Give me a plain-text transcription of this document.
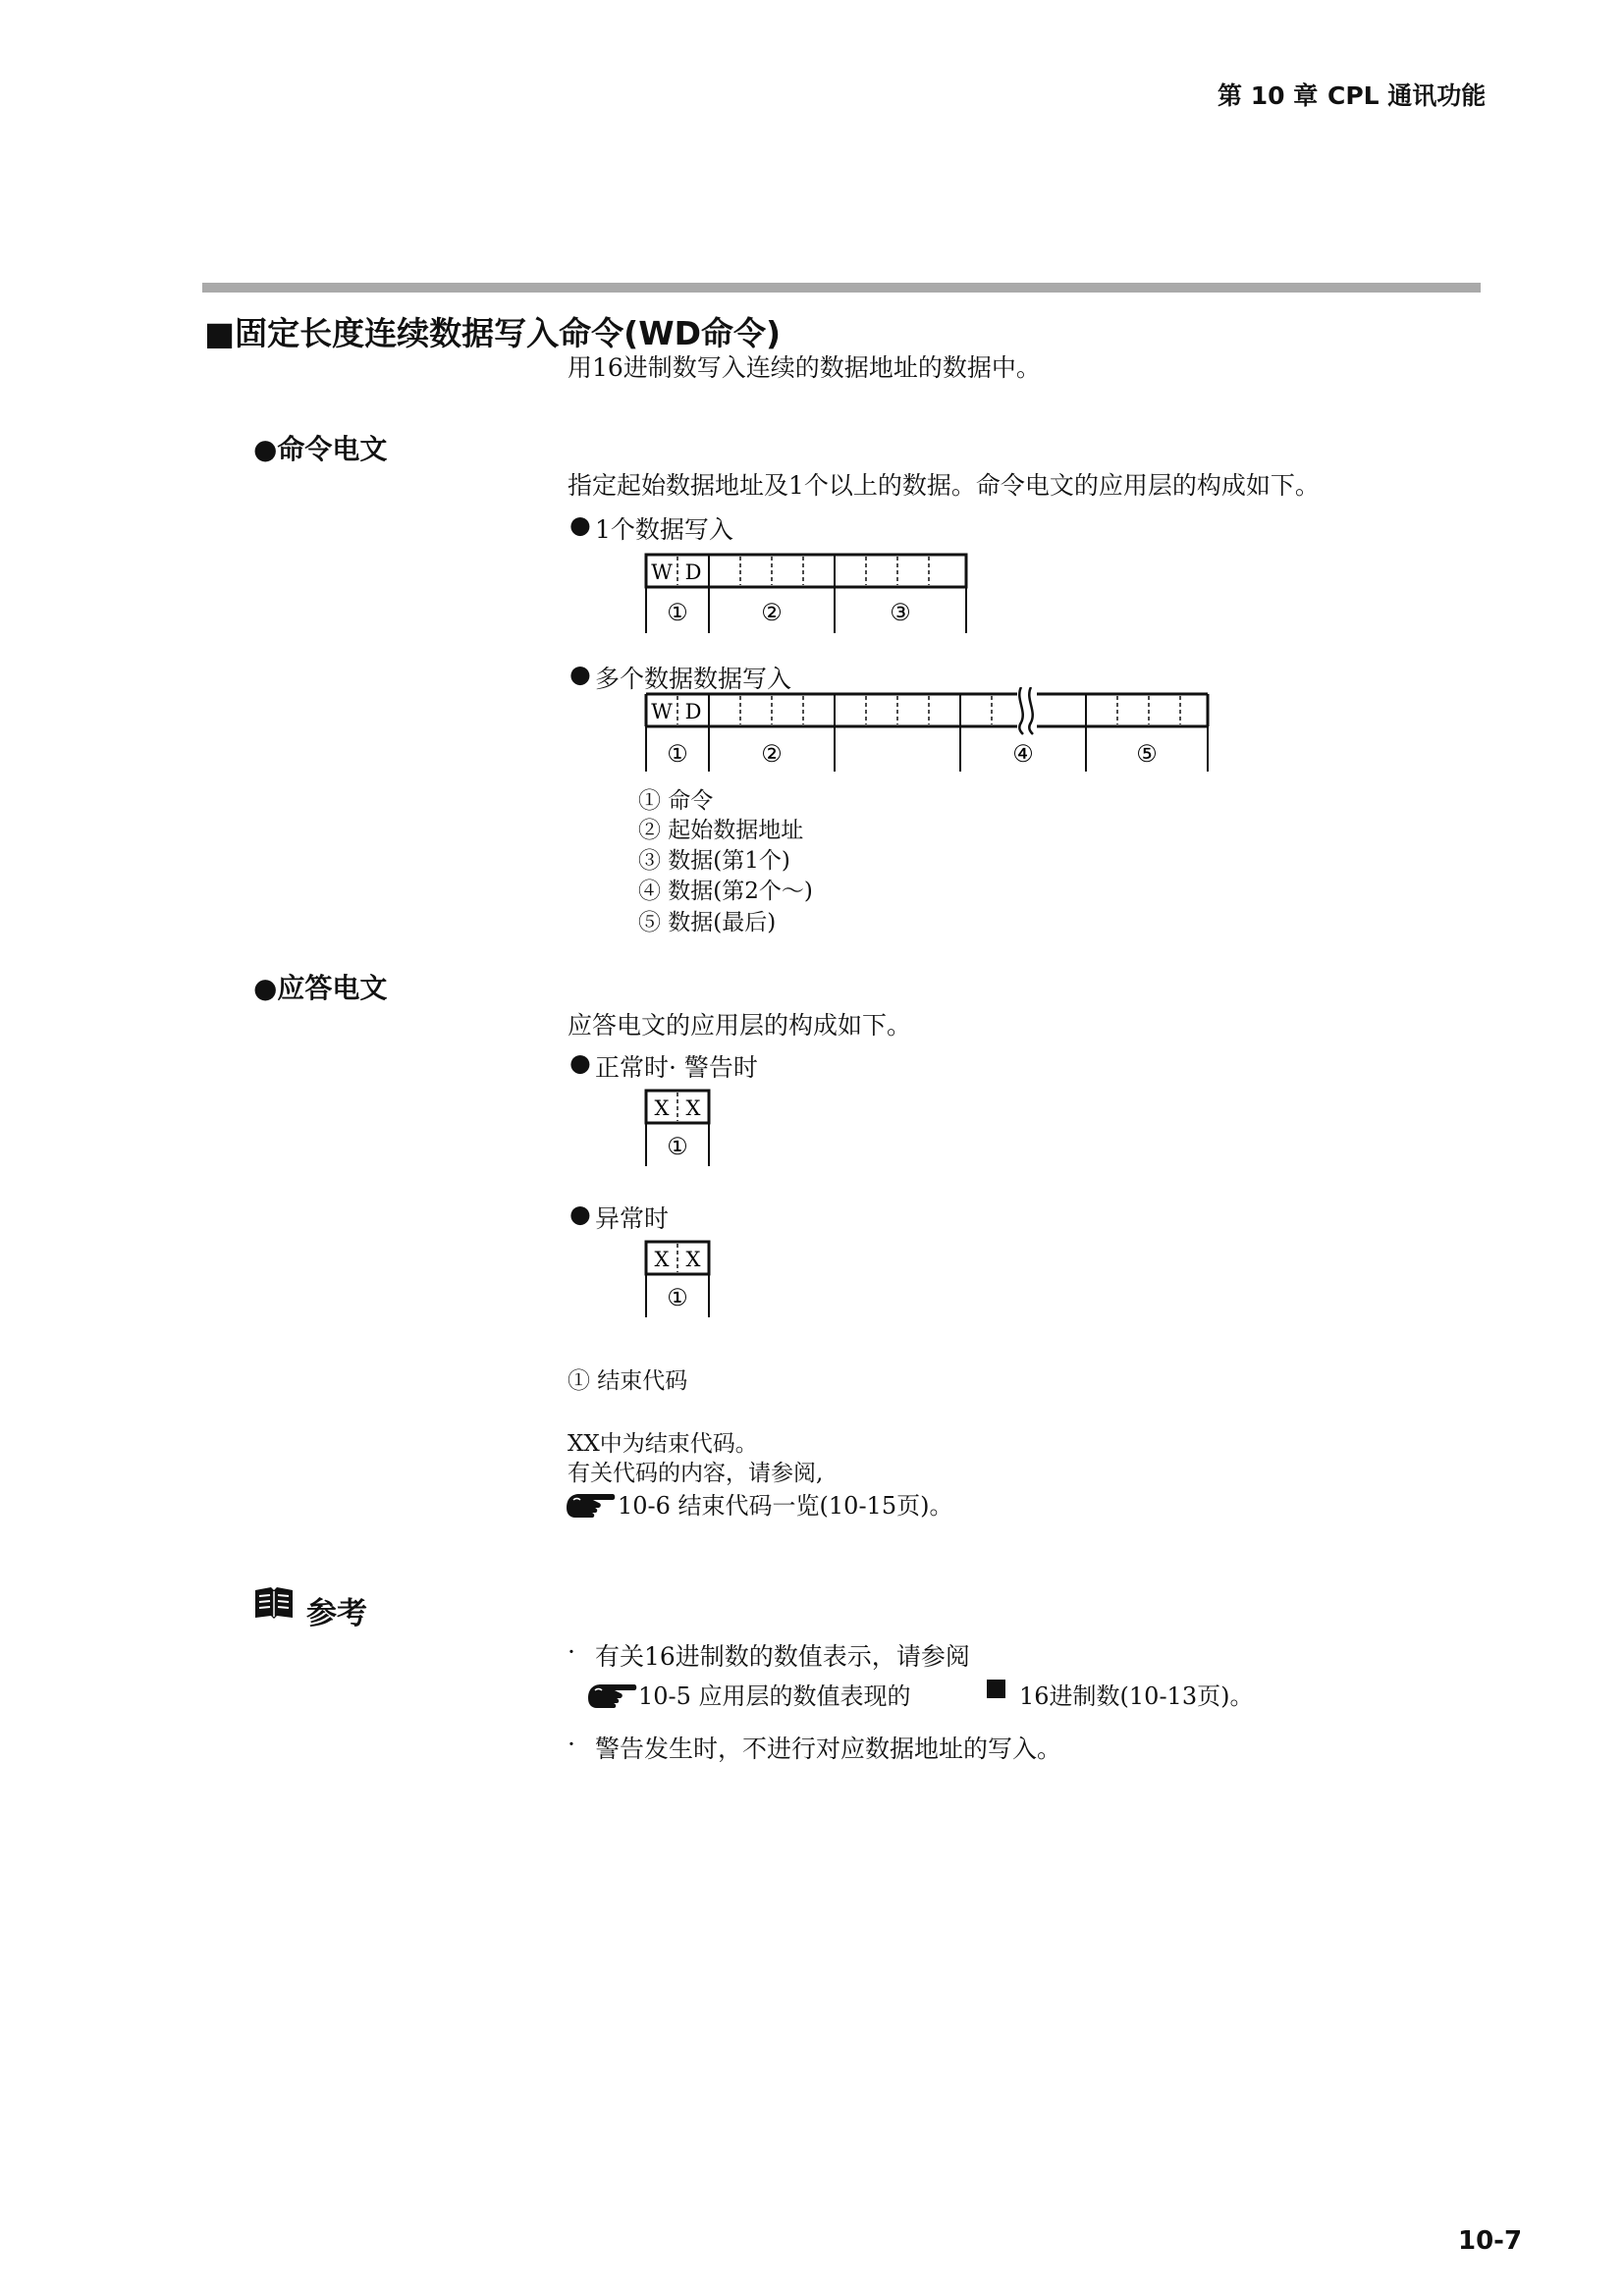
第 10 章 CPL 通讯功能
■固定长度连续数据写入命令(WD命令)
用16进制数写入连续的数据地址的数据中。
●命令电文
指定起始数据地址及1个以上的数据。命令电文的应用层的构成如下。
● 1个数据写入
W D
①	②	③
● 多个数据数据写入
W D
①	②	④	⑤
① 命令
② 起始数据地址
③ 数据(第1个)
④ 数据(第2个～)
⑤ 数据(最后)
●应答电文
应答电文的应用层的构成如下。
● 正常时· 警告时
X X
①
● 异常时
X X
①
① 结束代码
XX中为结束代码。
有关代码的内容，请参阅,
10-6 结束代码一览(10-15页)。
参考
· 有关16进制数的数值表示，请参阅
10-5 应用层的数值表现的	16进制数(10-13页)。
· 警告发生时，不进行对应数据地址的写入。
10-7
